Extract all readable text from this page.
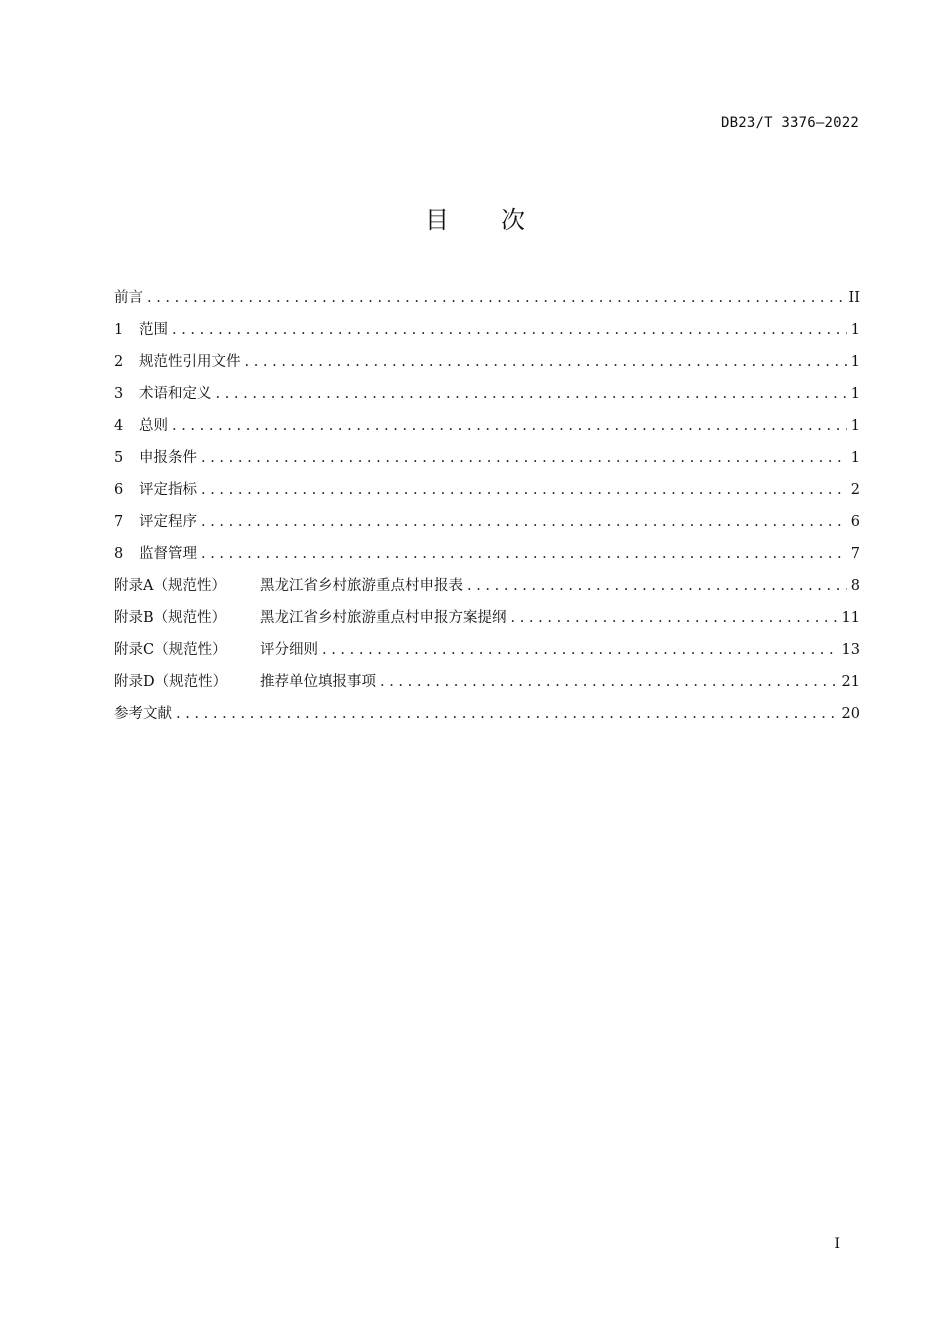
DB23/T 3376—2022
目 次
前言 . . .	II
1	范围 . . .	1
2	规范性引用文件 . . .	1
3	术语和定义 . . .	1
4	总则 . . .	1
5	申报条件 . . .	1
6	评定指标 . . .	2
7	评定程序 . . .	6
8	监督管理 . . .	7
附录A（规范性）	黑龙江省乡村旅游重点村申报表 . . .	8
附录B（规范性）	黑龙江省乡村旅游重点村申报方案提纲 . . .	11
附录C（规范性）	评分细则 . . .	13
附录D（规范性）	推荐单位填报事项 . . .	21
参考文献 . . .	20
I
